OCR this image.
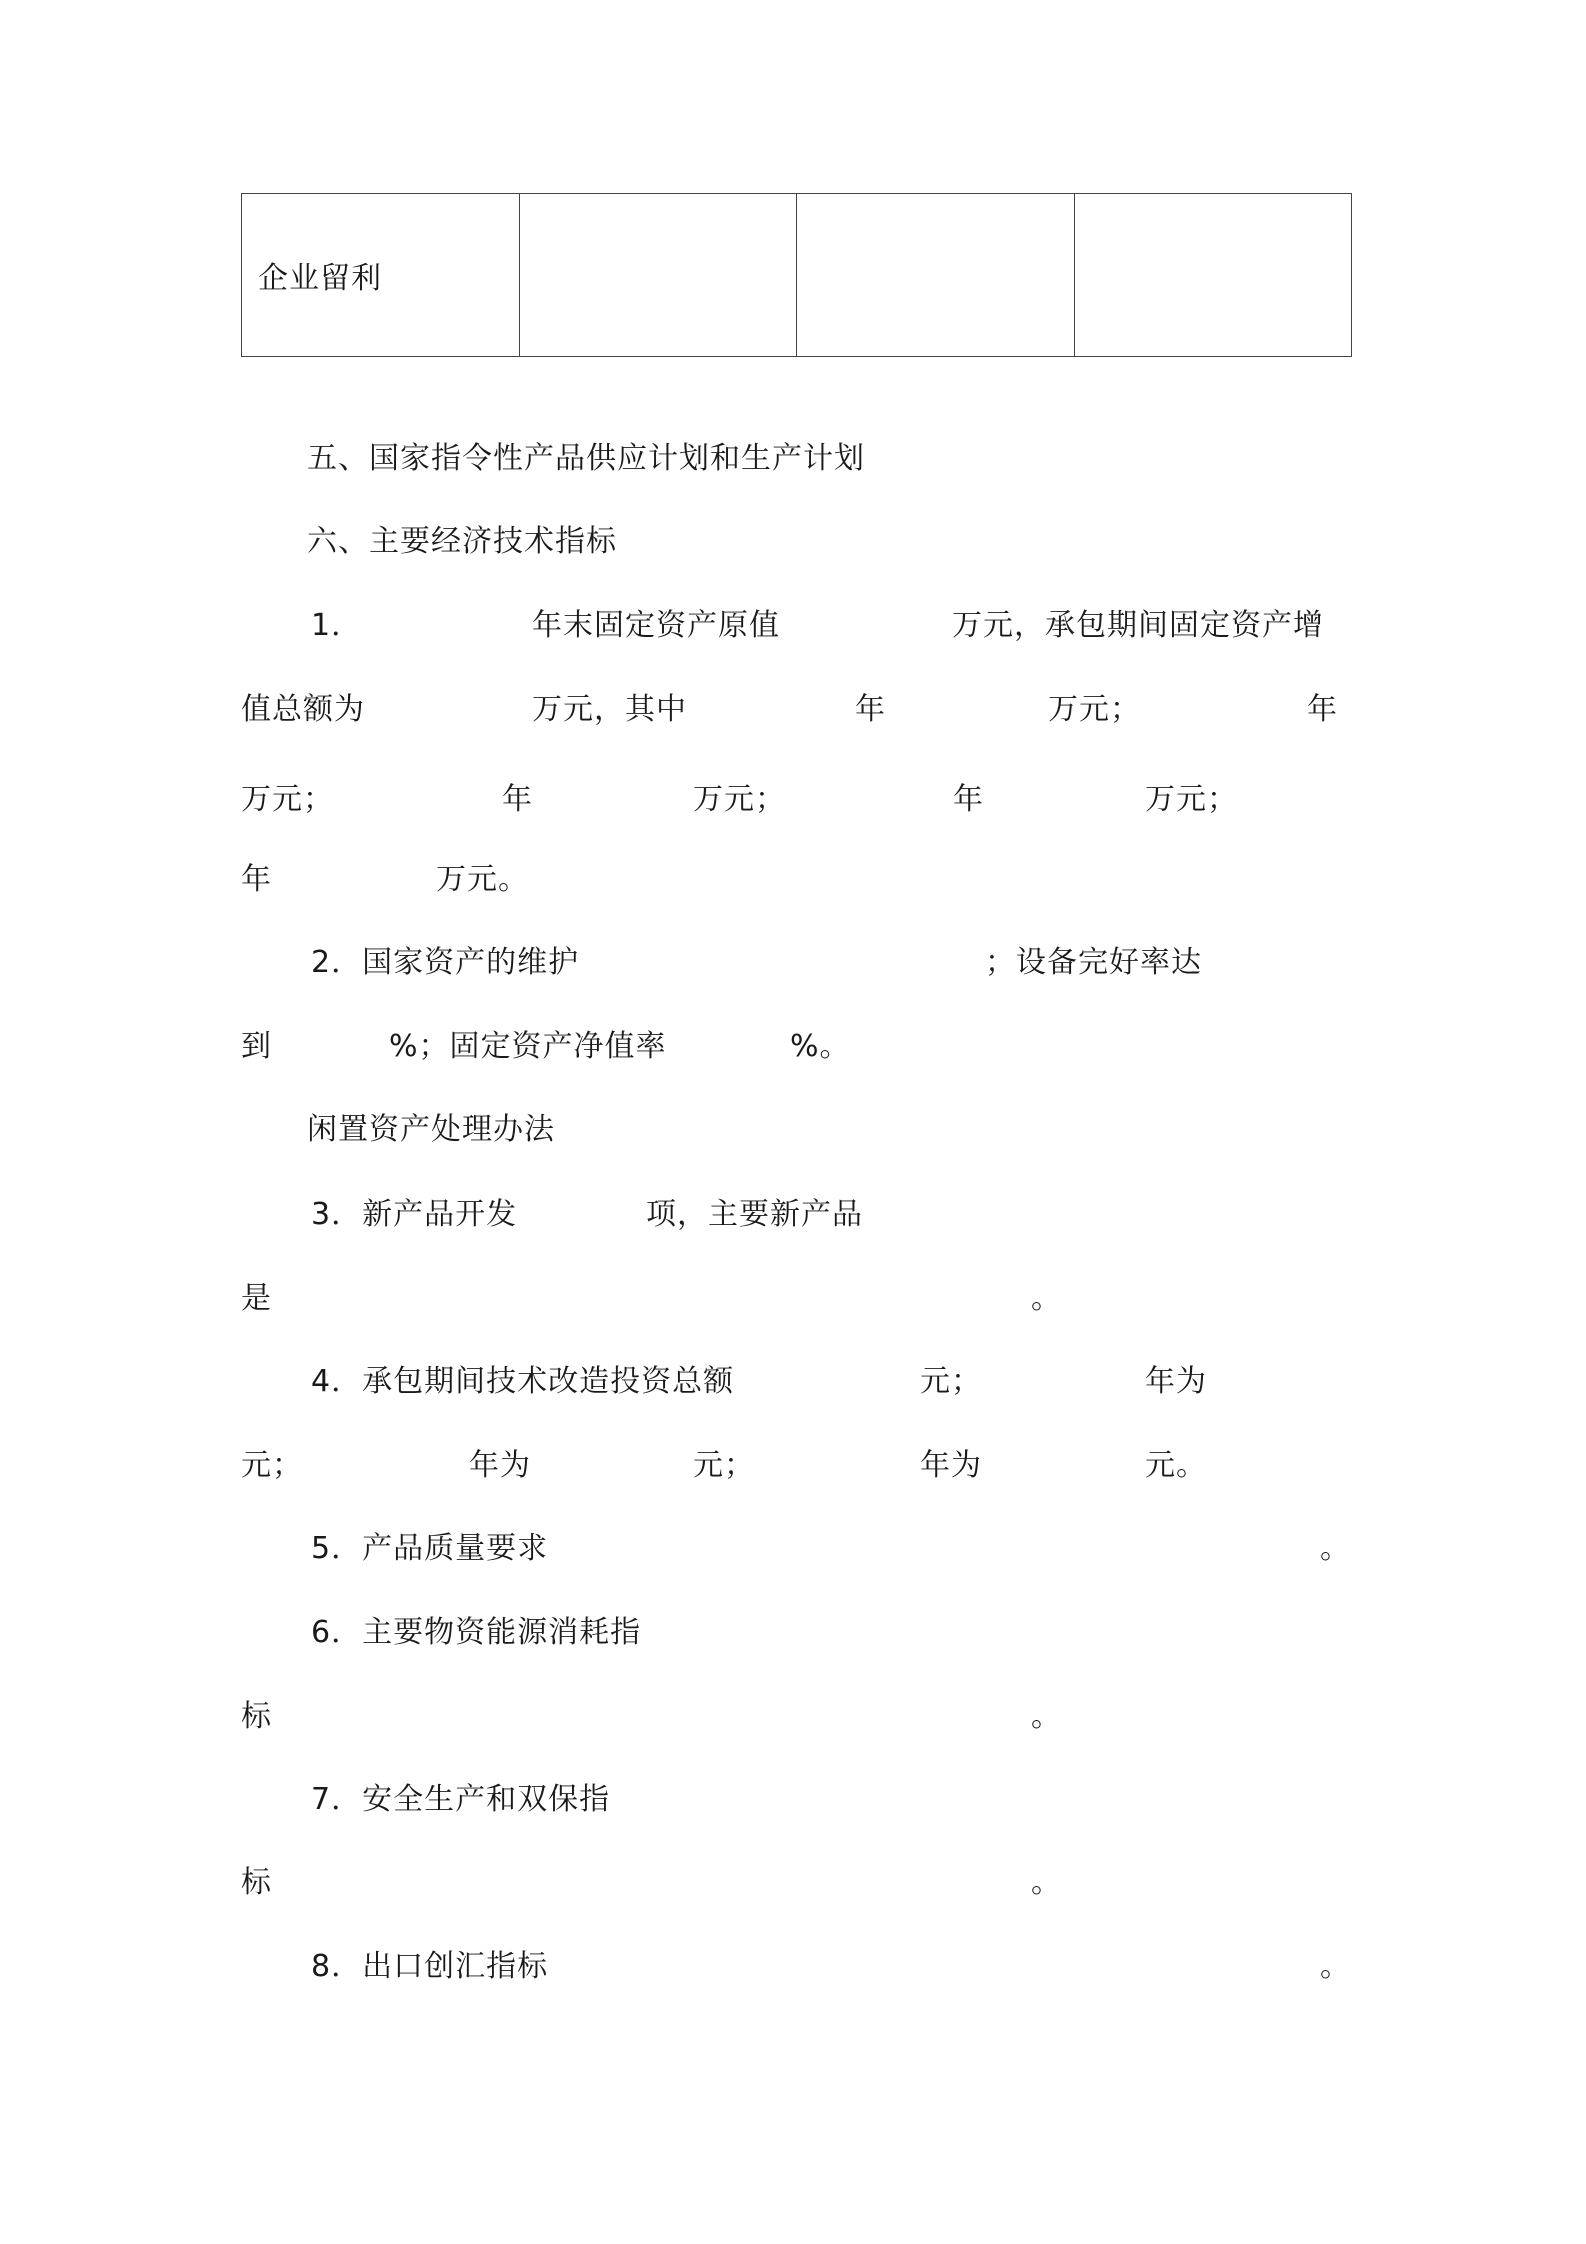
企业留利			
五、国家指令性产品供应计划和生产计划
六、主要经济技术指标
1．	年末固定资产原值	万元，承包期间固定资产增
值总额为	万元，其中	年	万元；	年
万元；	年	万元；	年	万元；
年	万元。
2．国家资产的维护	；设备完好率达
到	%；固定资产净值率	%。
闲置资产处理办法
3．新产品开发	项，主要新产品
是	。
4．承包期间技术改造投资总额	元；	年为
元；	年为	元；	年为	元。
5．产品质量要求	。
6．主要物资能源消耗指
标	。
7．安全生产和双保指
标	。
8．出口创汇指标	。
